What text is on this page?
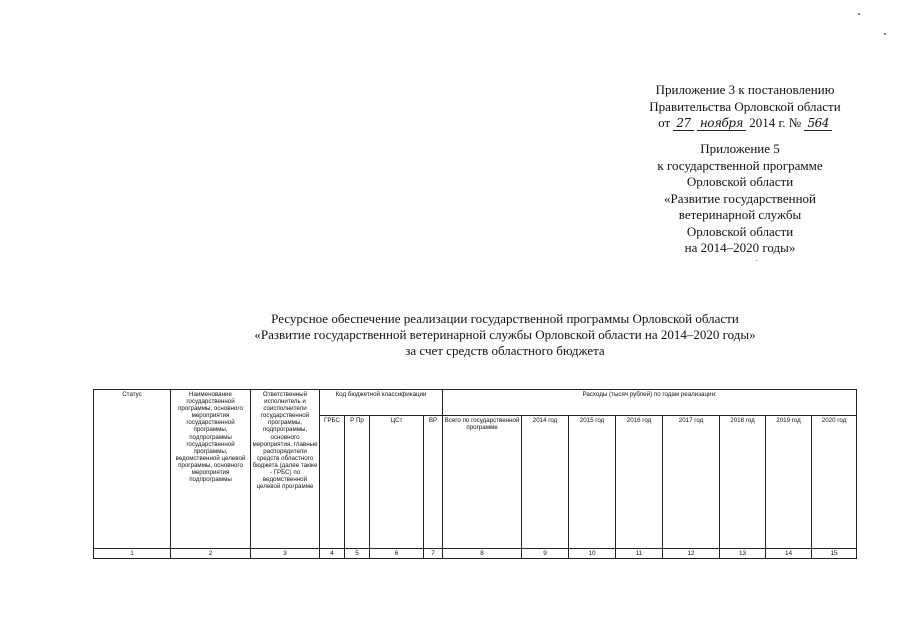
Приложение 3 к постановлению
Правительства Орловской области
от 27 ноября 2014 г. № 564
Приложение 5
к государственной программе
Орловской области
«Развитие государственной
ветеринарной службы
Орловской области
на 2014–2020 годы»
Ресурсное обеспечение реализации государственной программы Орловской области
«Развитие государственной ветеринарной службы Орловской области на 2014–2020 годы»
за счет средств областного бюджета
Статус	Наименование государственной программы, основного мероприятия государственной программы, подпрограммы государственной программы, ведомственной целевой программы, основного мероприятия подпрограммы	Ответственный исполнитель и соисполнители государственной программы, подпрограммы, основного мероприятия, главные распорядители средств областного бюджета (далее также - ГРБС) по ведомственной целевой программе	Код бюджетной классификации				Расходы (тысяч рублей) по годам реализации:							
			ГРБС	Р Пр	ЦСт	ВР	Всего по государственной программе	2014 год	2015 год	2016 год	2017 год	2018 год	2019 год	2020 год
1	2	3	4	5	6	7	8	9	10	11	12	13	14	15
